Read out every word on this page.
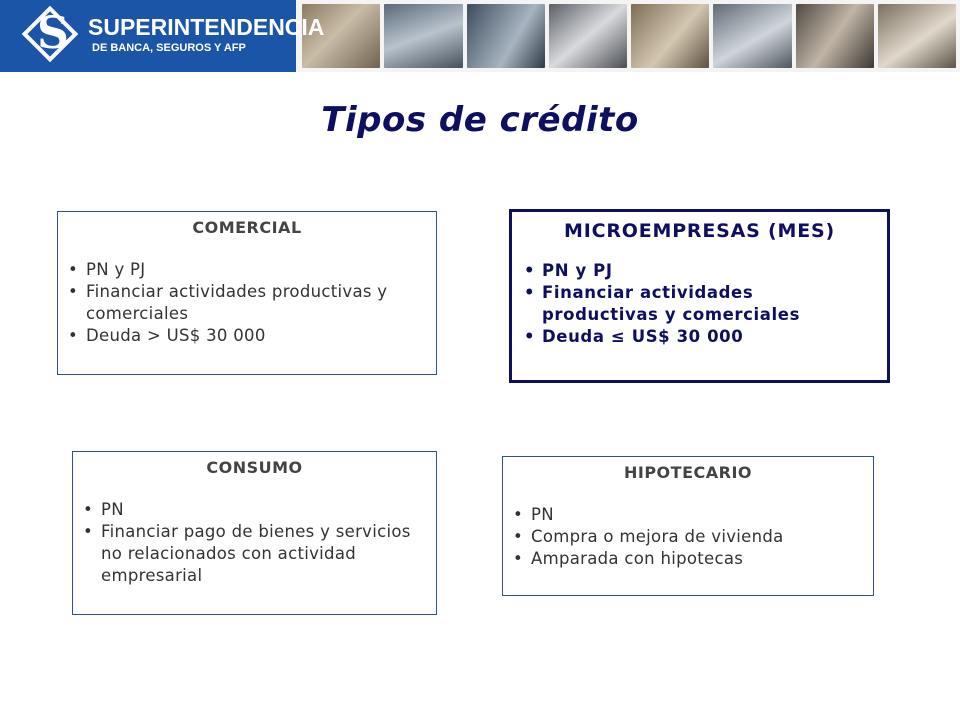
S SUPERINTENDENCIA
DE BANCA, SEGUROS Y AFP
Tipos de crédito
COMERCIAL
• PN y PJ
• Financiar actividades productivas y comerciales
• Deuda > US$ 30 000
MICROEMPRESAS (MES)
• PN y PJ
• Financiar actividades productivas y comerciales
• Deuda ≤ US$ 30 000
CONSUMO
• PN
• Financiar pago de bienes y servicios no relacionados con actividad empresarial
HIPOTECARIO
• PN
• Compra o mejora de vivienda
• Amparada con hipotecas
